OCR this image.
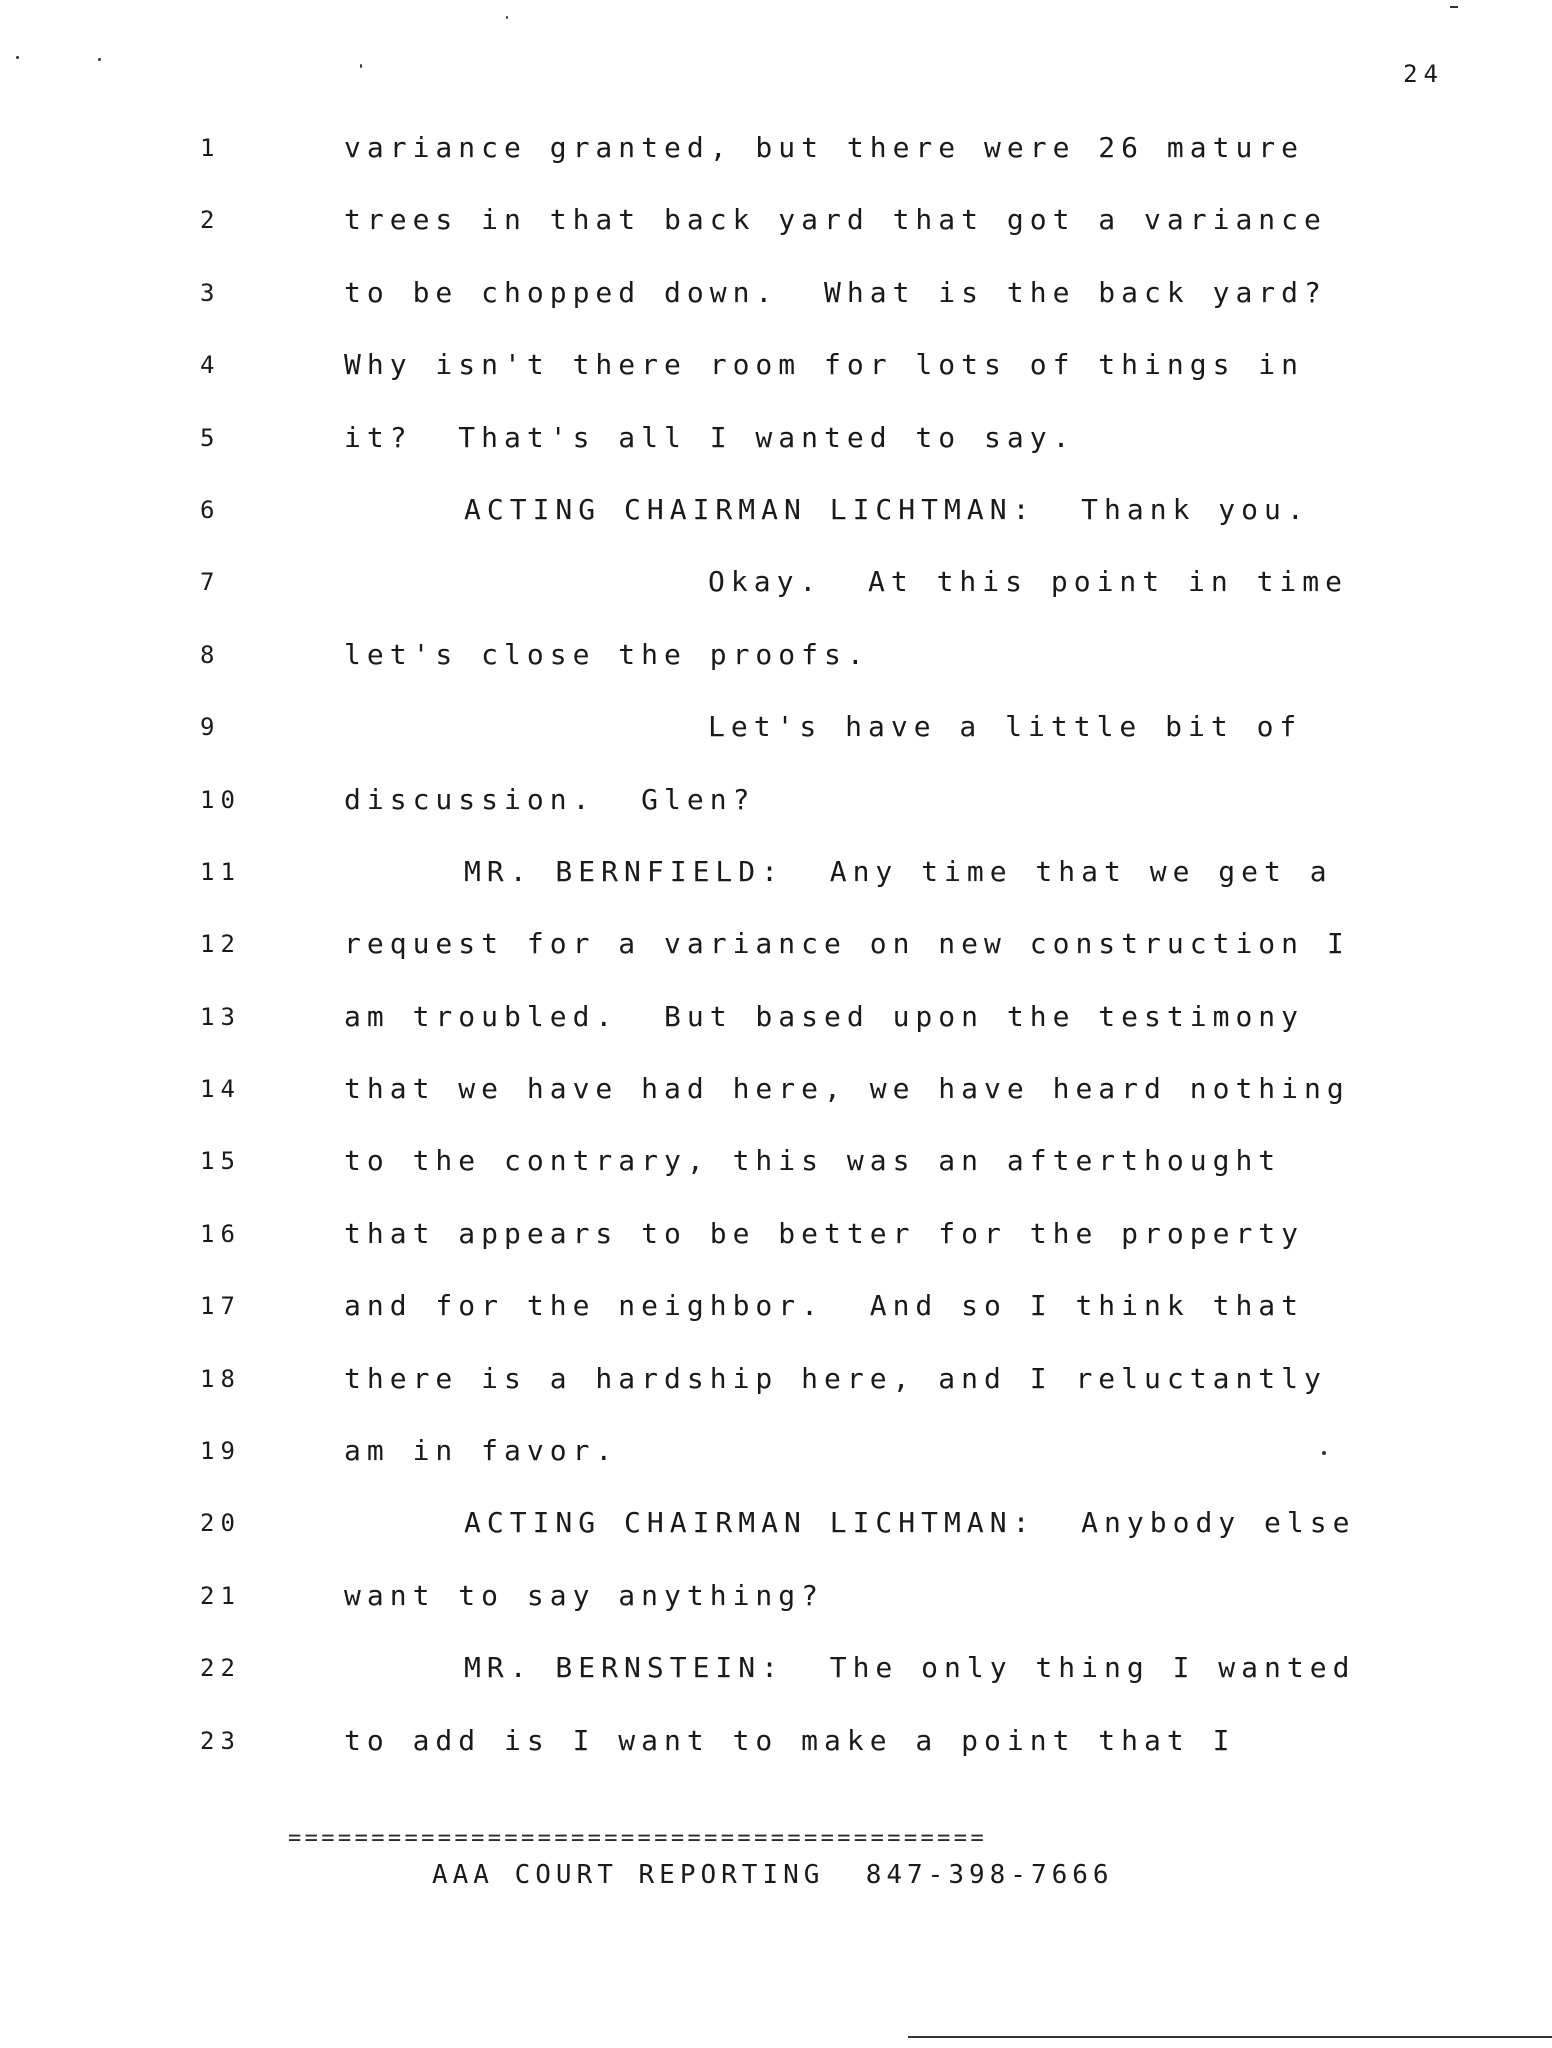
24
1	variance granted, but there were 26 mature
2	trees in that back yard that got a variance
3	to be chopped down.  What is the back yard?
4	Why isn't there room for lots of things in
5	it?  That's all I wanted to say.
6	ACTING CHAIRMAN LICHTMAN:  Thank you.
7	Okay.  At this point in time
8	let's close the proofs.
9	Let's have a little bit of
10	discussion.  Glen?
11	MR. BERNFIELD:  Any time that we get a
12	request for a variance on new construction I
13	am troubled.  But based upon the testimony
14	that we have had here, we have heard nothing
15	to the contrary, this was an afterthought
16	that appears to be better for the property
17	and for the neighbor.  And so I think that
18	there is a hardship here, and I reluctantly
19	am in favor.
20	ACTING CHAIRMAN LICHTMAN:  Anybody else
21	want to say anything?
22	MR. BERNSTEIN:  The only thing I wanted
23	to add is I want to make a point that I
==========================================
AAA COURT REPORTING  847-398-7666
